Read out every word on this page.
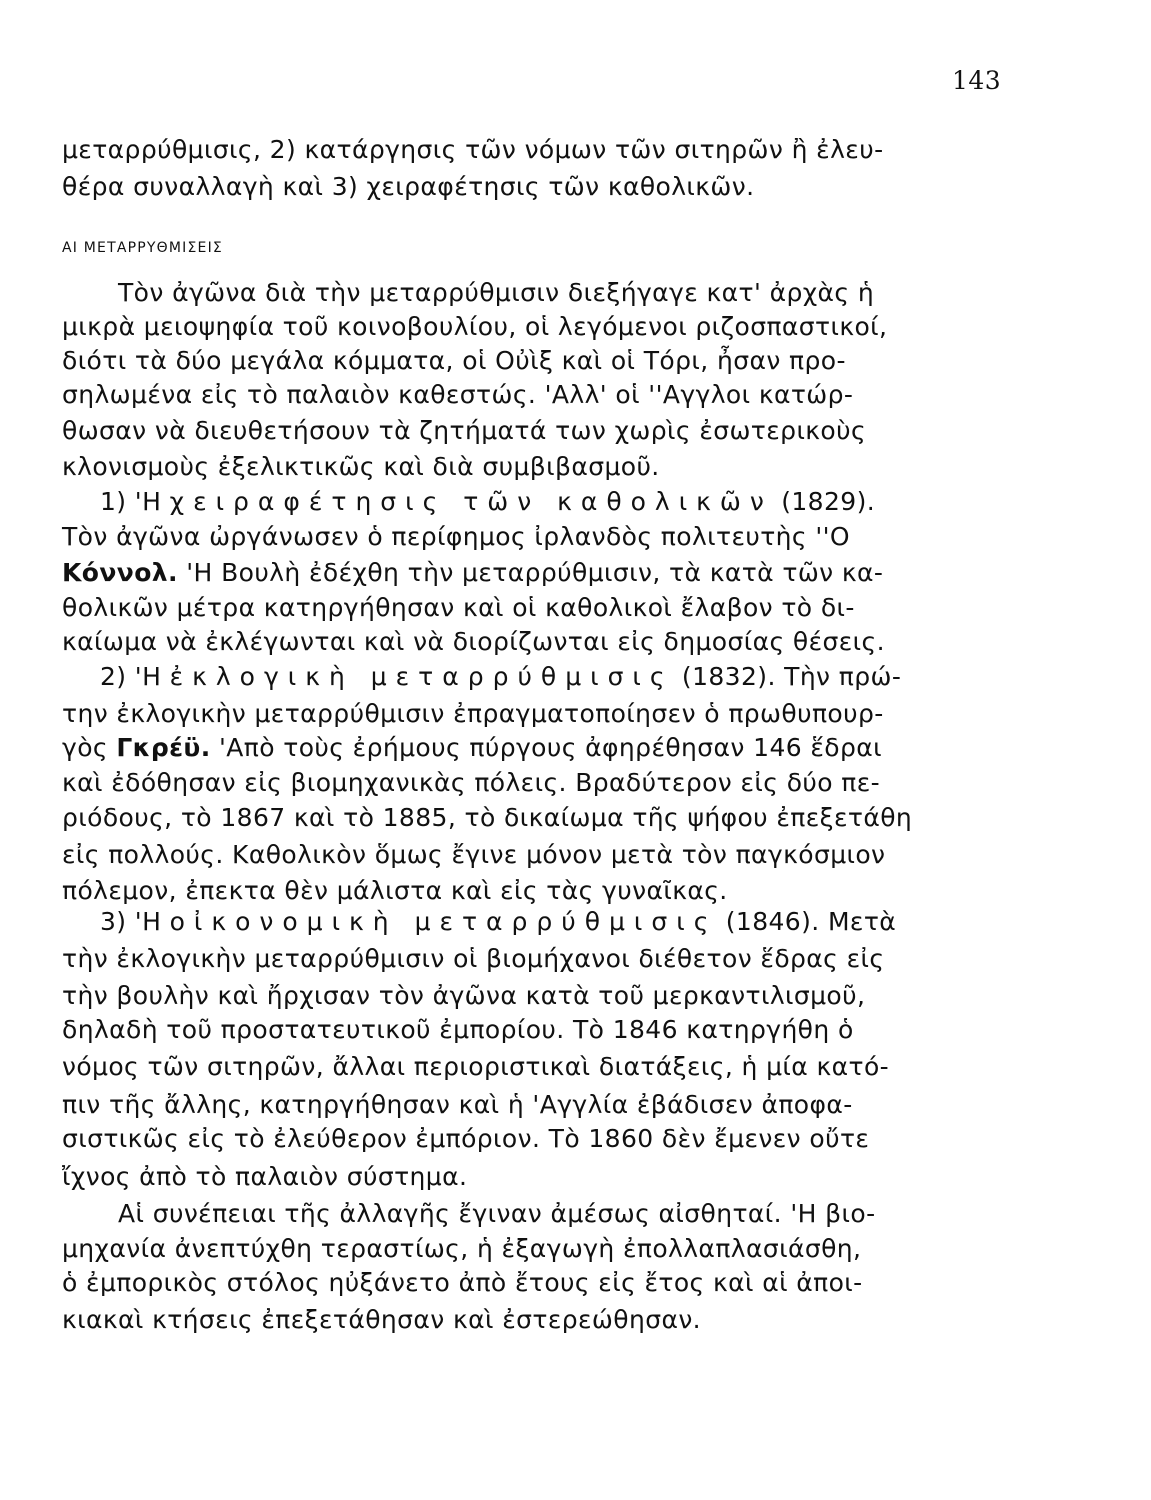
143
μεταρρύθμισις, 2) κατάργησις τῶν νόμων τῶν σιτηρῶν ἢ ἐλευ-
θέρα συναλλαγὴ καὶ 3) χειραφέτησις τῶν καθολικῶν.
ΑΙ ΜΕΤΑΡΡΥΘΜΙΣΕΙΣ
Τὸν ἀγῶνα διὰ τὴν μεταρρύθμισιν διεξήγαγε κατ' ἀρχὰς ἡ
μικρὰ μειοψηφία τοῦ κοινοβουλίου, οἱ λεγόμενοι ριζοσπαστικοί,
διότι τὰ δύο μεγάλα κόμματα, οἱ Οὐὶξ καὶ οἱ Τόρι, ἦσαν προ-
σηλωμένα εἰς τὸ παλαιὸν καθεστώς. 'Αλλ' οἱ ''Αγγλοι κατώρ-
θωσαν νὰ διευθετήσουν τὰ ζητήματά των χωρὶς ἐσωτερικοὺς
κλονισμοὺς ἐξελικτικῶς καὶ διὰ συμβιβασμοῦ.
1) 'Η χειραφέτησις τῶν καθολικῶν (1829).
Τὸν ἀγῶνα ὠργάνωσεν ὁ περίφημος ἰρλανδὸς πολιτευτὴς ''Ο
Κόννολ. 'Η Βουλὴ ἐδέχθη τὴν μεταρρύθμισιν, τὰ κατὰ τῶν κα-
θολικῶν μέτρα κατηργήθησαν καὶ οἱ καθολικοὶ ἔλαβον τὸ δι-
καίωμα νὰ ἐκλέγωνται καὶ νὰ διορίζωνται εἰς δημοσίας θέσεις.
2) 'Η ἐκλογικὴ μεταρρύθμισις (1832). Τὴν πρώ-
την ἐκλογικὴν μεταρρύθμισιν ἐπραγματοποίησεν ὁ πρωθυπουρ-
γὸς Γκρέϋ. 'Απὸ τοὺς ἐρήμους πύργους ἀφηρέθησαν 146 ἕδραι
καὶ ἐδόθησαν εἰς βιομηχανικὰς πόλεις. Βραδύτερον εἰς δύο πε-
ριόδους, τὸ 1867 καὶ τὸ 1885, τὸ δικαίωμα τῆς ψήφου ἐπεξετάθη
εἰς πολλούς. Καθολικὸν ὅμως ἔγινε μόνον μετὰ τὸν παγκόσμιον
πόλεμον, ἐπεκτα θὲν μάλιστα καὶ εἰς τὰς γυναῖκας.
3) 'Η οἰκονομικὴ μεταρρύθμισις (1846). Μετὰ
τὴν ἐκλογικὴν μεταρρύθμισιν οἱ βιομήχανοι διέθετον ἕδρας εἰς
τὴν βουλὴν καὶ ἤρχισαν τὸν ἀγῶνα κατὰ τοῦ μερκαντιλισμοῦ,
δηλαδὴ τοῦ προστατευτικοῦ ἐμπορίου. Τὸ 1846 κατηργήθη ὁ
νόμος τῶν σιτηρῶν, ἄλλαι περιοριστικαὶ διατάξεις, ἡ μία κατό-
πιν τῆς ἄλλης, κατηργήθησαν καὶ ἡ 'Αγγλία ἐβάδισεν ἀποφα-
σιστικῶς εἰς τὸ ἐλεύθερον ἐμπόριον. Τὸ 1860 δὲν ἔμενεν οὔτε
ἴχνος ἀπὸ τὸ παλαιὸν σύστημα.
Αἱ συνέπειαι τῆς ἀλλαγῆς ἔγιναν ἀμέσως αἰσθηταί. 'Η βιο-
μηχανία ἀνεπτύχθη τεραστίως, ἡ ἐξαγωγὴ ἐπολλαπλασιάσθη,
ὁ ἐμπορικὸς στόλος ηὐξάνετο ἀπὸ ἔτους εἰς ἔτος καὶ αἱ ἀποι-
κιακαὶ κτήσεις ἐπεξετάθησαν καὶ ἐστερεώθησαν.
